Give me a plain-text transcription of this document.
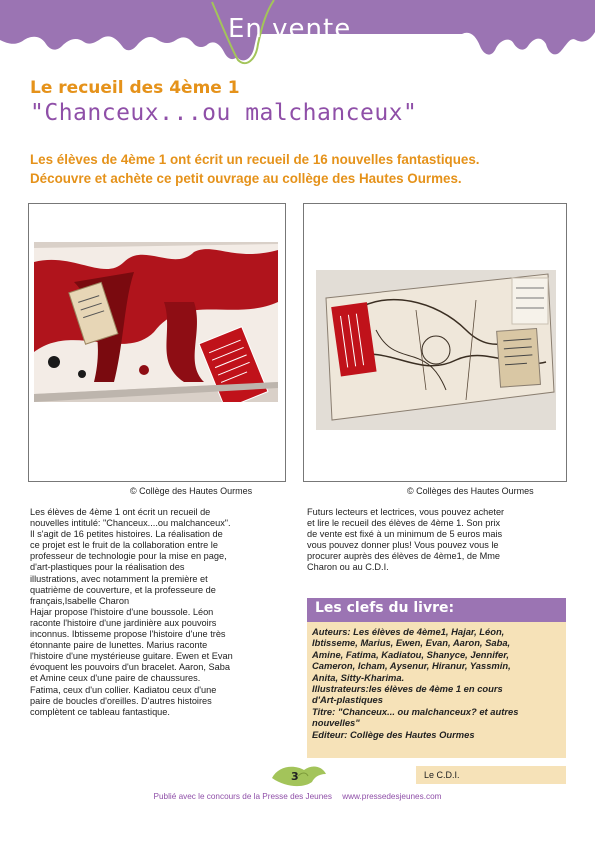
En vente
Le recueil des 4ème 1
"Chanceux...ou malchanceux"
Les élèves de 4ème 1 ont écrit un recueil de 16 nouvelles fantastiques.
Découvre et achète ce petit ouvrage au collège des Hautes Ourmes.
© Collège des Hautes Ourmes	© Collèges des Hautes Ourmes
Les élèves de 4ème 1 ont écrit un recueil de
nouvelles intitulé: "Chanceux....ou malchanceux".
Il s'agit de 16 petites histoires. La réalisation de
ce projet est le fruit de la collaboration entre le
professeur de technologie pour la mise en page,
d'art-plastiques pour la réalisation des
illustrations, avec notamment la première et
quatrième de couverture, et la professeure de
français,Isabelle Charon
Hajar propose l'histoire d'une boussole. Léon
raconte l'histoire d'une jardinière aux pouvoirs
inconnus. Ibtisseme propose l'histoire d'une très
étonnante paire de lunettes. Marius raconte
l'histoire d'une mystérieuse guitare. Ewen et Evan
évoquent les pouvoirs d'un bracelet. Aaron, Saba
et Amine ceux d'une paire de chaussures.
Fatima, ceux d'un collier. Kadiatou ceux d'une
paire de boucles d'oreilles. D'autres histoires
complètent ce tableau fantastique.
Futurs lecteurs et lectrices, vous pouvez acheter
et lire le recueil des élèves de 4ème 1. Son prix
de vente est fixé à un minimum de 5 euros mais
vous pouvez donner plus! Vous pouvez vous le
procurer auprès des élèves de 4ème1, de Mme
Charon ou au C.D.I.
Les clefs du livre:
Auteurs: Les élèves de 4ème1, Hajar, Léon,
Ibtisseme, Marius, Ewen, Evan, Aaron, Saba,
Amine, Fatima, Kadiatou, Shanyce, Jennifer,
Cameron, Icham, Aysenur, Hiranur, Yassmin,
Anita, Sitty-Kharima.
Illustrateurs:les élèves de 4ème 1 en cours
d'Art-plastiques
Titre: "Chanceux... ou malchanceux? et autres
nouvelles"
Editeur: Collège des Hautes Ourmes
Le C.D.I.
3
Publié avec le concours de la Presse des Jeunes www.pressedesjeunes.com
